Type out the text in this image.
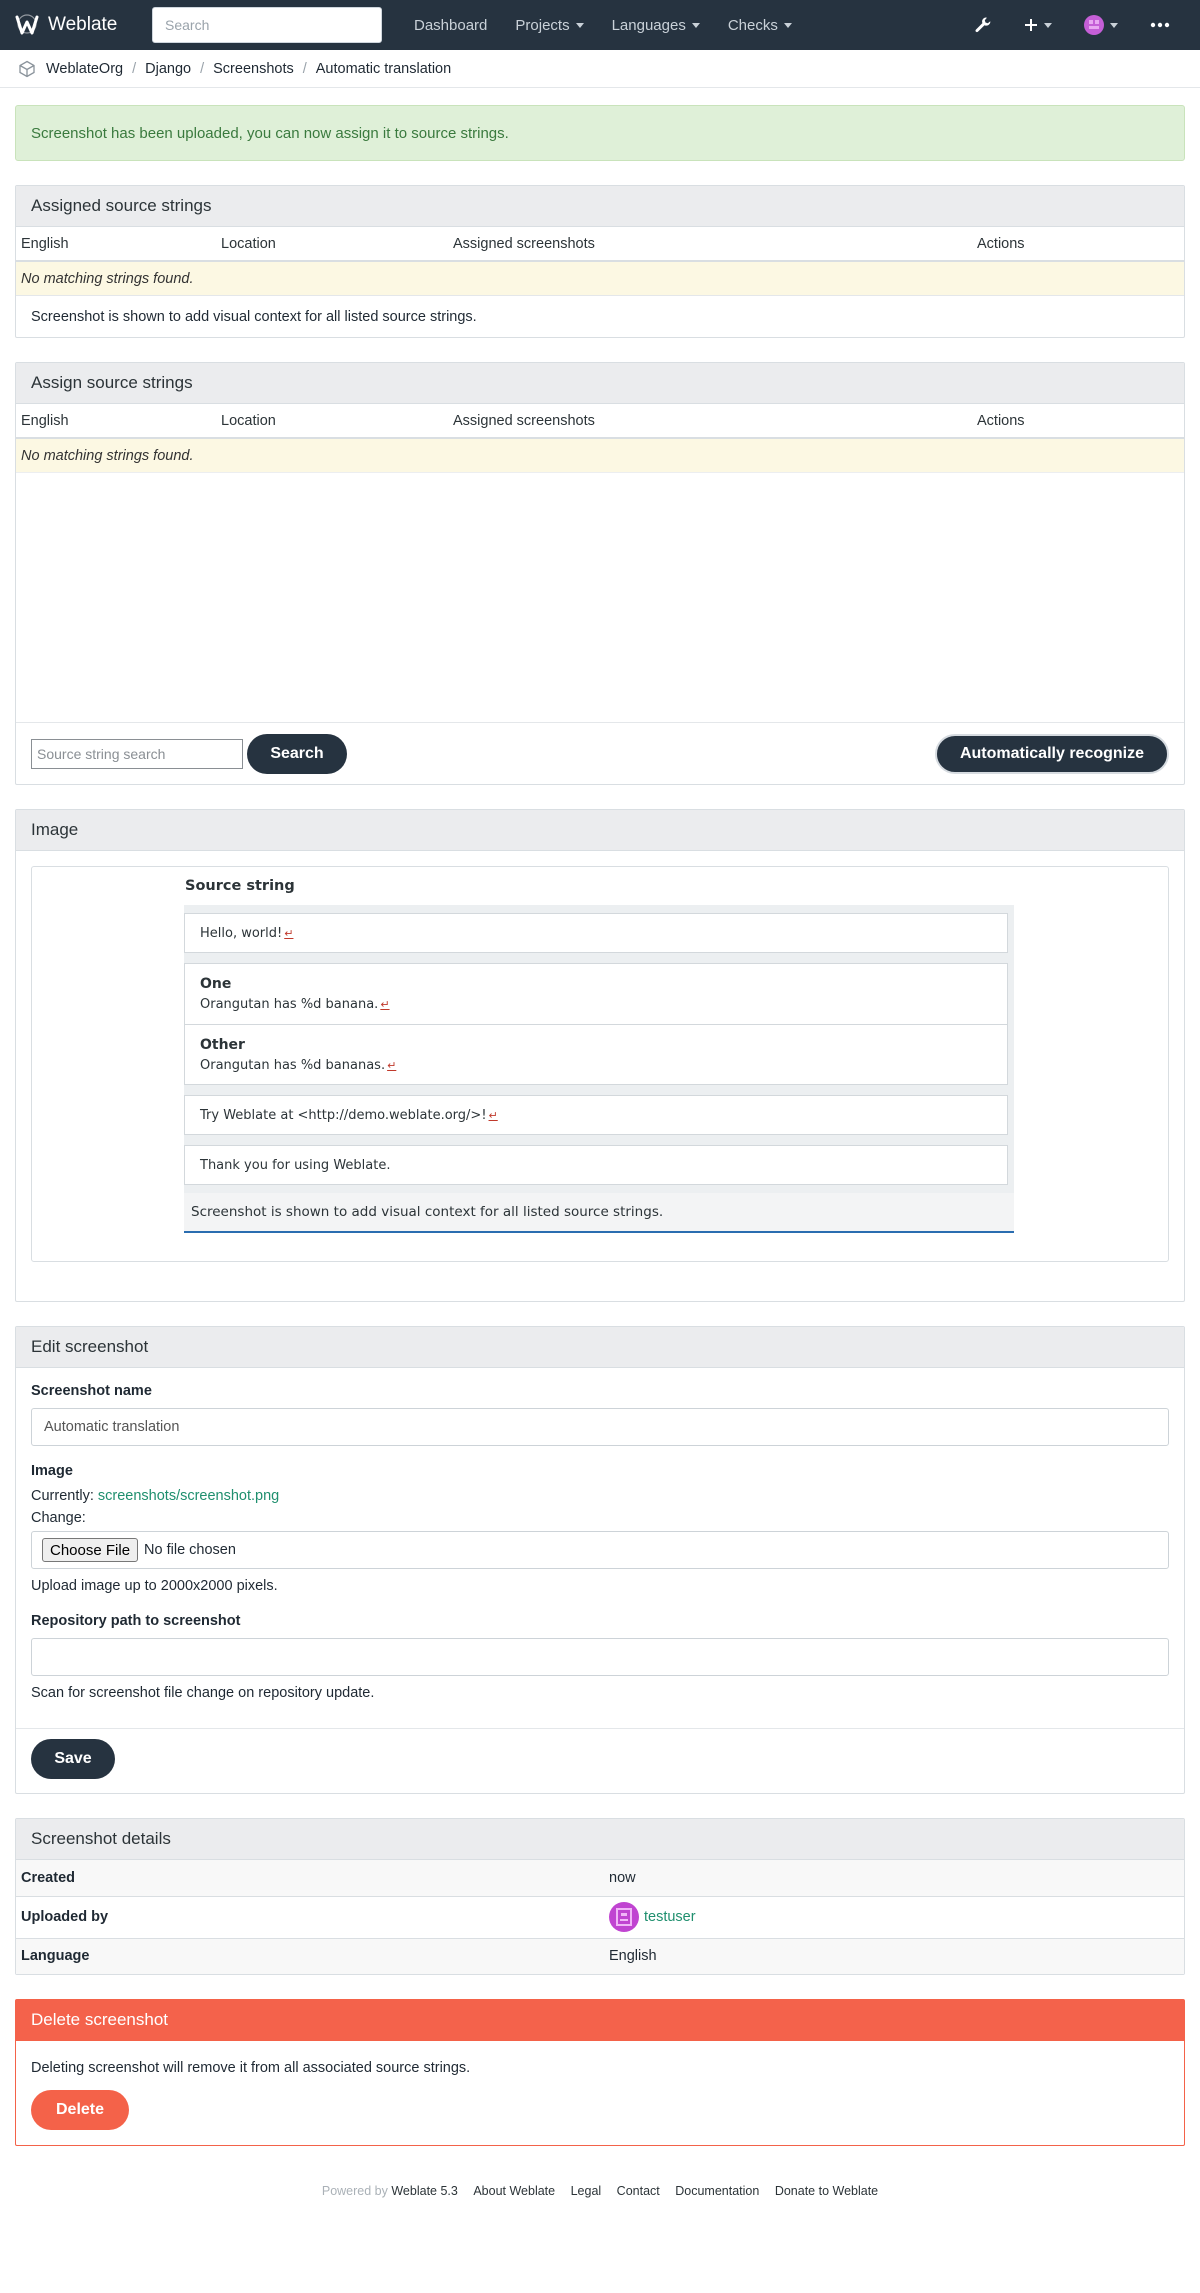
Weblate
Search	Dashboard Projects	Languages	Checks
WeblateOrg / Django / Screenshots / Automatic translation
Screenshot has been uploaded, you can now assign it to source strings.
Assigned source strings
English	Location	Assigned screenshots	Actions
No matching strings found.
Screenshot is shown to add visual context for all listed source strings.
Assign source strings
English	Location	Assigned screenshots	Actions
No matching strings found.
Source string search
Search	Automatically recognize
Image
Source string
Hello, world! ↵
One
Orangutan has %d banana. ↵
Other
Orangutan has %d bananas. ↵
Try Weblate at <http://demo.weblate.org/>! ↵
Thank you for using Weblate.
Screenshot is shown to add visual context for all listed source strings.
Edit screenshot
Screenshot name
Automatic translation
Image
Currently: screenshots/screenshot.png
Change:
Choose File No file chosen
Upload image up to 2000x2000 pixels.
Repository path to screenshot
Scan for screenshot file change on repository update.
Save
Screenshot details
Created	now
Uploaded by	testuser

Language	English
Delete screenshot
Deleting screenshot will remove it from all associated source strings.
Delete
Powered by Weblate 5.3 About Weblate Legal Contact Documentation Donate to Weblate
